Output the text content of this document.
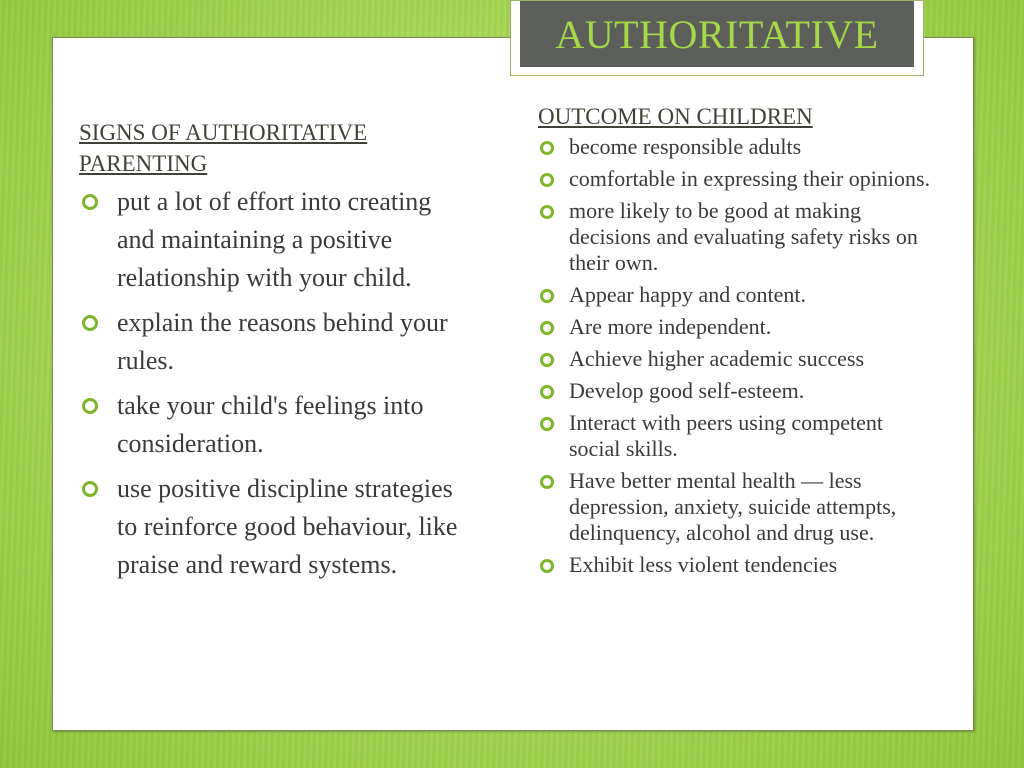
AUTHORITATIVE
SIGNS OF AUTHORITATIVE PARENTING
put a lot of effort into creating and maintaining a positive relationship with your child.
explain the reasons behind your rules.
take your child's feelings into consideration.
use positive discipline strategies to reinforce good behaviour, like praise and reward systems.
OUTCOME ON CHILDREN
become responsible adults
comfortable in expressing their opinions.
more likely to be good at making decisions and evaluating safety risks on their own.
Appear happy and content.
Are more independent.
Achieve higher academic success
Develop good self-esteem.
Interact with peers using competent social skills.
Have better mental health — less depression, anxiety, suicide attempts, delinquency, alcohol and drug use.
Exhibit less violent tendencies
